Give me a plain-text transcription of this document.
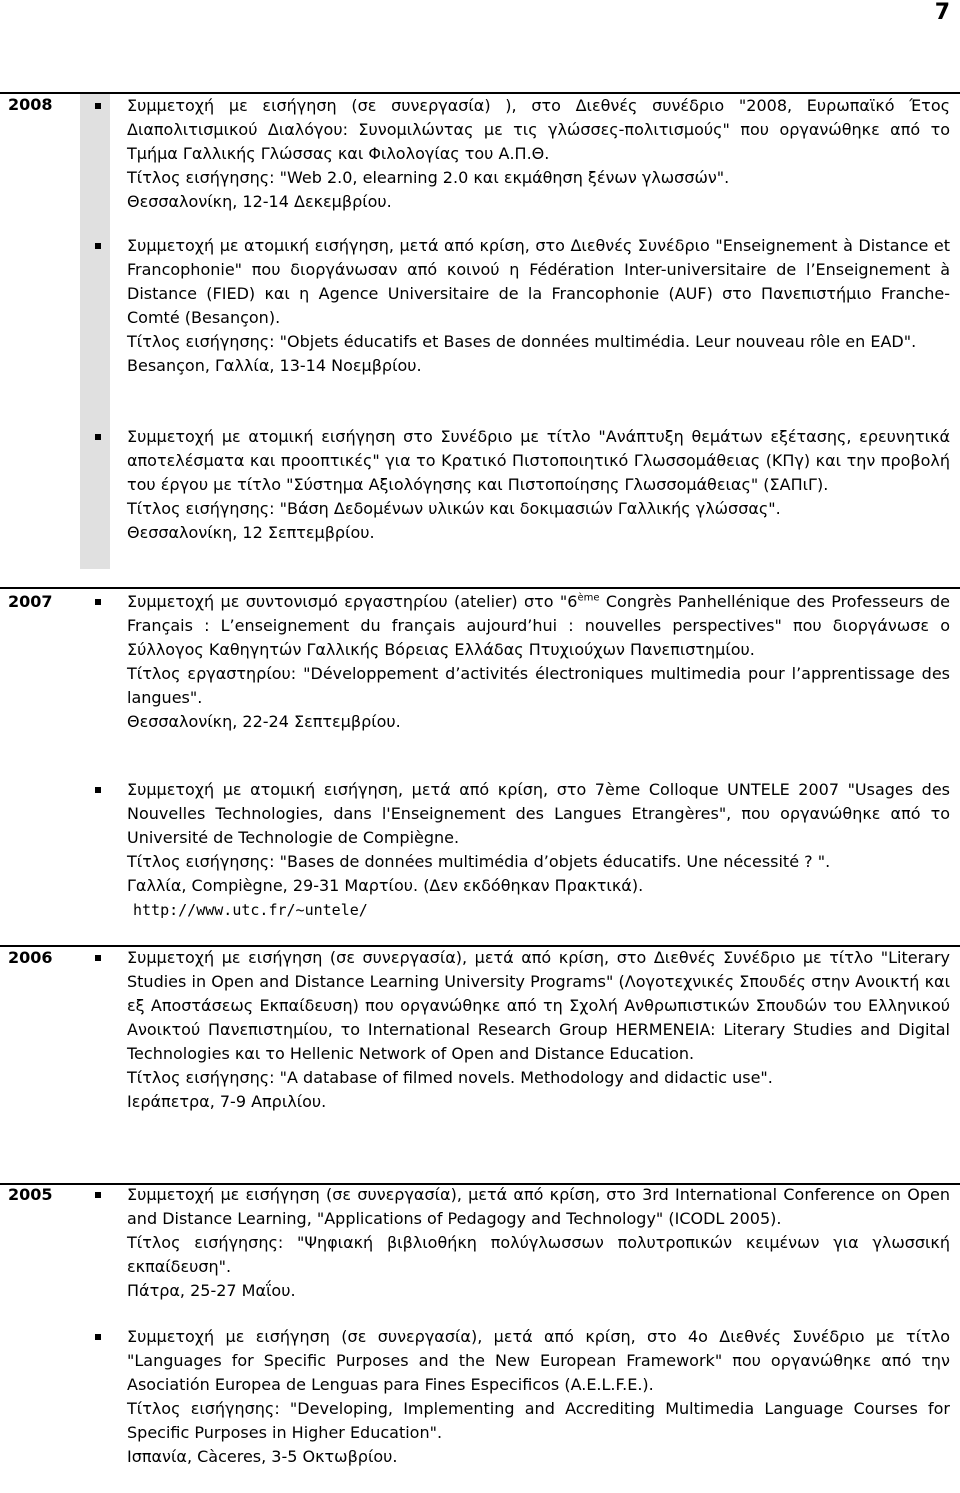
7
2008	Συμμετοχή με εισήγηση (σε συνεργασία) ), στο Διεθνές συνέδριο "2008, Ευρωπαϊκό Έτος Διαπολιτισμικού Διαλόγου: Συνομιλώντας με τις γλώσσες-πολιτισμούς" που οργανώθηκε από το Τμήμα Γαλλικής Γλώσσας και Φιλολογίας του Α.Π.Θ.

Τίτλος εισήγησης: "Web 2.0, elearning 2.0 και εκμάθηση ξένων γλωσσών".

Θεσσαλονίκη, 12-14 Δεκεμβρίου.

Συμμετοχή με ατομική εισήγηση, μετά από κρίση, στο Διεθνές Συνέδριο "Enseignement à Distance et Francophonie" που διοργάνωσαν από κοινού η Fédération Inter-universitaire de l’Enseignement à Distance (FIED) και η Agence Universitaire de la Francophonie (AUF) στο Πανεπιστήμιο Franche-Comté (Besançon).

Τίτλος εισήγησης: "Objets éducatifs et Bases de données multimédia. Leur nouveau rôle en EAD".

Besançon, Γαλλία, 13-14 Νοεμβρίου.

Συμμετοχή με ατομική εισήγηση στο Συνέδριο με τίτλο "Ανάπτυξη θεμάτων εξέτασης, ερευνητικά αποτελέσματα και προοπτικές" για το Κρατικό Πιστοποιητικό Γλωσσομάθειας (ΚΠγ) και την προβολή του έργου με τίτλο "Σύστημα Αξιολόγησης και Πιστοποίησης Γλωσσομάθειας" (ΣΑΠιΓ).

Τίτλος εισήγησης: "Βάση Δεδομένων υλικών και δοκιμασιών Γαλλικής γλώσσας".

Θεσσαλονίκη, 12 Σεπτεμβρίου.

2007	Συμμετοχή με συντονισμό εργαστηρίου (atelier) στο "6ème Congrès Panhellénique des Professeurs de Français : L’enseignement du français aujourd’hui : nouvelles perspectives" που διοργάνωσε ο Σύλλογος Καθηγητών Γαλλικής Βόρειας Ελλάδας Πτυχιούχων Πανεπιστημίου.

Τίτλος εργαστηρίου: "Développement d’activités électroniques multimedia pour l’apprentissage des langues".

Θεσσαλονίκη, 22-24 Σεπτεμβρίου.

Συμμετοχή με ατομική εισήγηση, μετά από κρίση, στο 7ème Colloque UNTELE 2007 "Usages des Nouvelles Technologies, dans l'Enseignement des Langues Etrangères", που οργανώθηκε από το Université de Technologie de Compiègne.

Τίτλος εισήγησης: "Bases de données multimédia d’objets éducatifs. Une nécessité ? ".

Γαλλία, Compiègne, 29-31 Μαρτίου. (Δεν εκδόθηκαν Πρακτικά).

http://www.utc.fr/~untele/

2006	Συμμετοχή με εισήγηση (σε συνεργασία), μετά από κρίση, στο Διεθνές Συνέδριο με τίτλο "Literary Studies in Open and Distance Learning University Programs" (Λογοτεχνικές Σπουδές στην Ανοικτή και εξ Αποστάσεως Εκπαίδευση) που οργανώθηκε από τη Σχολή Ανθρωπιστικών Σπουδών του Ελληνικού Ανοικτού Πανεπιστημίου, το International Research Group HERMENEIA: Literary Studies and Digital Technologies και το Hellenic Network of Open and Distance Education.

Τίτλος εισήγησης: "A database of filmed novels. Methodology and didactic use".

Ιεράπετρα, 7-9 Απριλίου.

2005	Συμμετοχή με εισήγηση (σε συνεργασία), μετά από κρίση, στο 3rd International Conference on Open and Distance Learning, "Applications of Pedagogy and Technology" (ICODL 2005).

Τίτλος εισήγησης: "Ψηφιακή βιβλιοθήκη πολύγλωσσων πολυτροπικών κειμένων για γλωσσική εκπαίδευση".

Πάτρα, 25-27 Μαΐου.

Συμμετοχή με εισήγηση (σε συνεργασία), μετά από κρίση, στο 4ο Διεθνές Συνέδριο με τίτλο "Languages for Specific Purposes and the New European Framework" που οργανώθηκε από την Asociatión Europea de Lenguas para Fines Especificos (A.E.L.F.E.).

Τίτλος εισήγησης: "Developing, Implementing and Accrediting Multimedia Language Courses for Specific Purposes in Higher Education".

Ισπανία, Càceres, 3-5 Οκτωβρίου.
